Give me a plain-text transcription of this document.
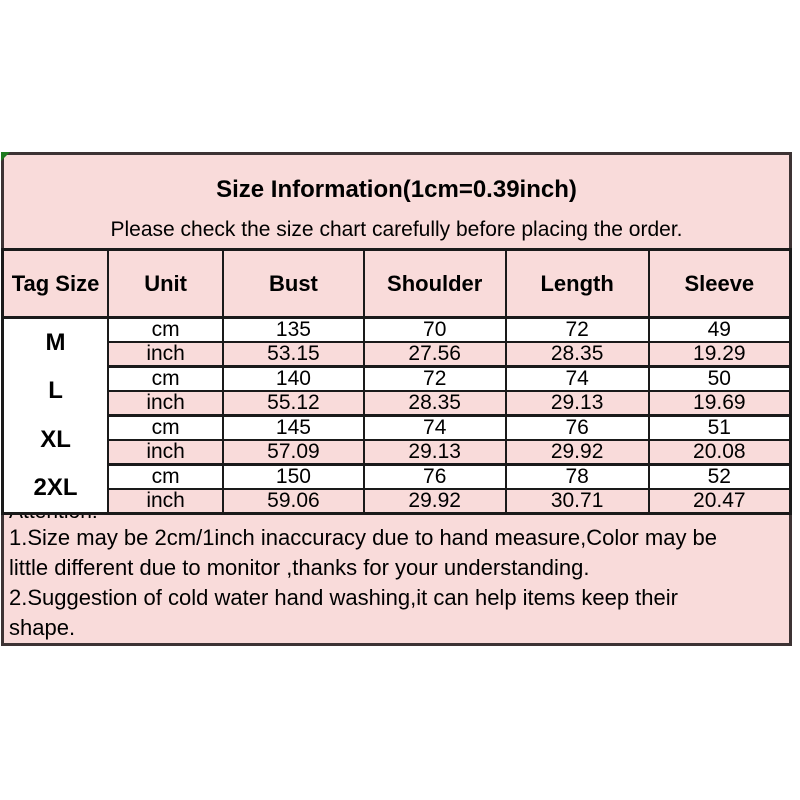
Size Information(1cm=0.39inch)
Please check the size chart carefully before placing the order.
Tag Size	Unit	Bust	Shoulder	Length	Sleeve
M	cm	135	70	72	49
	inch	53.15	27.56	28.35	19.29
L	cm	140	72	74	50
	inch	55.12	28.35	29.13	19.69
XL	cm	145	74	76	51
	inch	57.09	29.13	29.92	20.08
2XL	cm	150	76	78	52
	inch	59.06	29.92	30.71	20.47
1.Size may be 2cm/1inch inaccuracy due to hand measure,Color may be
little different due to monitor ,thanks for your understanding.
2.Suggestion of cold water hand washing,it can help items keep their
shape.
